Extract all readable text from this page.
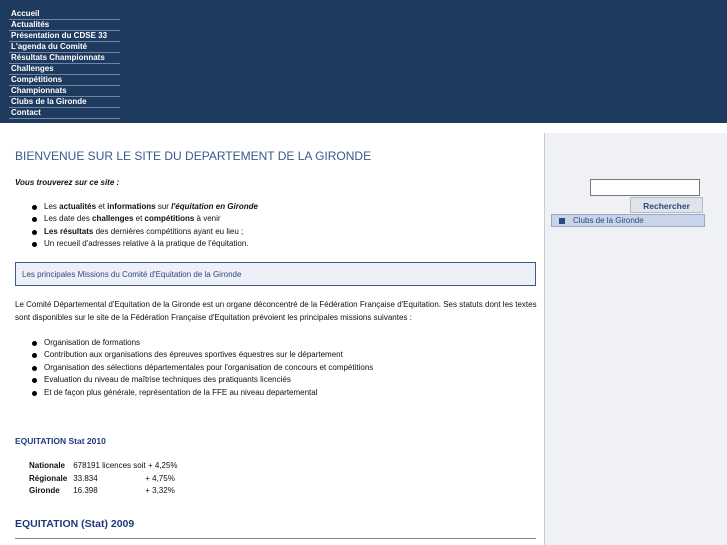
Accueil
Actualités
Présentation du CDSE 33
L'agenda du Comité
Résultats Championnats
Challenges
Compétitions
Championnats
Clubs de la Gironde
Contact
BIENVENUE SUR LE SITE DU DEPARTEMENT DE LA GIRONDE

Vous trouverez sur ce site :

Les actualités et informations sur l'équitation en Gironde
Les date des challenges et compétitions à venir
Les résultats des dernières compétitions ayant eu lieu ;
Un recueil d'adresses relative à la pratique de l'équitation.
Les principales Missions du Comité d'Equitation de la Gironde

Le Comité Départemental d'Equitation de la Gironde est un organe déconcentré de la Fédération Française d'Equitation. Ses statuts dont les textes sont disponibles sur le site de la Fédération Française d'Equitation prévoient les principales missions suivantes :

Organisation de formations
Contribution aux organisations des épreuves sportives équestres sur le département
Organisation des sélections départementales pour l'organisation de concours et compétitions
Evaluation du niveau de maîtrise techniques des pratiquants licenciés
Et de façon plus générale, représentation de la FFE au niveau departemental

EQUITATION Stat 2010

Nationale	678191 licences soit + 4,25%	
Régionale	33.834	+ 4,75%
Gironde	16.398	+ 3,32%

EQUITATION (Stat) 2009

Rechercher
Clubs de la Gironde
